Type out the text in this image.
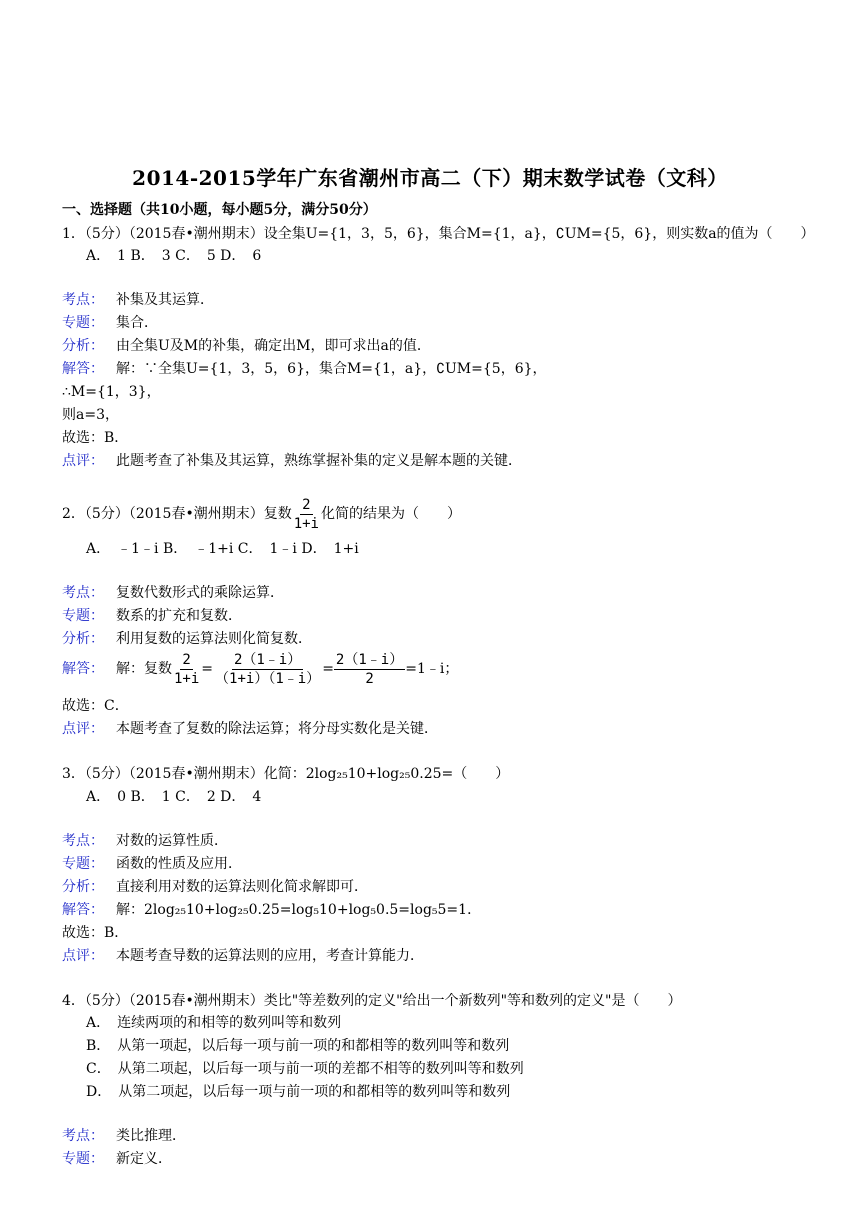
2014-2015学年广东省潮州市高二（下）期末数学试卷（文科）
一、选择题（共10小题，每小题5分，满分50分）
1．（5分）（2015春•潮州期末）设全集U={1，3，5，6}，集合M={1，a}，∁UM={5，6}，则实数a的值为（　　）
A．　1 B．　3 C．　5 D．　6
考点： 补集及其运算．
专题： 集合．
分析： 由全集U及M的补集，确定出M，即可求出a的值．
解答： 解：∵全集U={1，3，5，6}，集合M={1，a}，∁UM={5，6}，
∴M={1，3}，
则a=3，
故选：B．
点评： 此题考查了补集及其运算，熟练掌握补集的定义是解本题的关键．
2．（5分）（2015春•潮州期末）复数 $\frac{2}{1+i}$ 化简的结果为（　　）
A．　﹣1﹣i B．　﹣1+i C．　1﹣i D．　1+i
考点： 复数代数形式的乘除运算．
专题： 数系的扩充和复数．
分析： 利用复数的运算法则化简复数．
解答： 解：复数 $\frac{2}{1+i} = \frac{2(1﹣i)}{(1+i)(1﹣i)} = \frac{2(1﹣i)}{2}$ =1﹣i；
故选：C．
点评： 本题考查了复数的除法运算；将分母实数化是关键．
3．（5分）（2015春•潮州期末）化简：2log₂₅10+log₂₅0.25=（　　）
A．　0 B．　1 C．　2 D．　4
考点： 对数的运算性质．
专题： 函数的性质及应用．
分析： 直接利用对数的运算法则化简求解即可．
解答： 解：2log₂₅10+log₂₅0.25=log₅10+log₅0.5=log₅5=1．
故选：B．
点评： 本题考查导数的运算法则的应用，考查计算能力．
4．（5分）（2015春•潮州期末）类比"等差数列的定义"给出一个新数列"等和数列的定义"是（　　）
A．　连续两项的和相等的数列叫等和数列
B．　从第一项起，以后每一项与前一项的和都相等的数列叫等和数列
C．　从第二项起，以后每一项与前一项的差都不相等的数列叫等和数列
D．　从第二项起，以后每一项与前一项的和都相等的数列叫等和数列
考点： 类比推理．
专题： 新定义．
